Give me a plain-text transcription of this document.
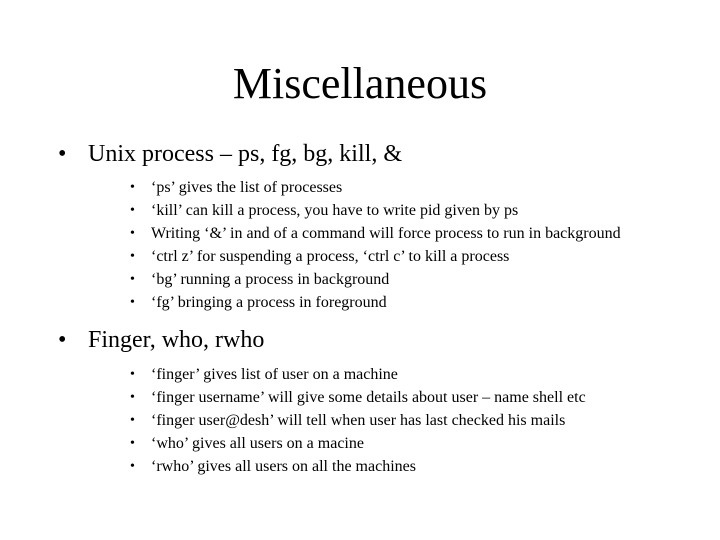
Miscellaneous

• Unix process – ps, fg, bg, kill, &

• ‘ps’ gives the list of processes
• ‘kill’ can kill a process, you have to write pid given by ps
• Writing ‘&’ in and of a command will force process to run in background
• ‘ctrl z’ for suspending a process, ‘ctrl c’ to kill a process
• ‘bg’ running a process in background
• ‘fg’ bringing a process in foreground

• Finger, who, rwho

• ‘finger’ gives list of user on a machine
• ‘finger username’ will give some details about user – name shell etc
• ‘finger user@desh’ will tell when user has last checked his mails
• ‘who’ gives all users on a macine
• ‘rwho’ gives all users on all the machines
